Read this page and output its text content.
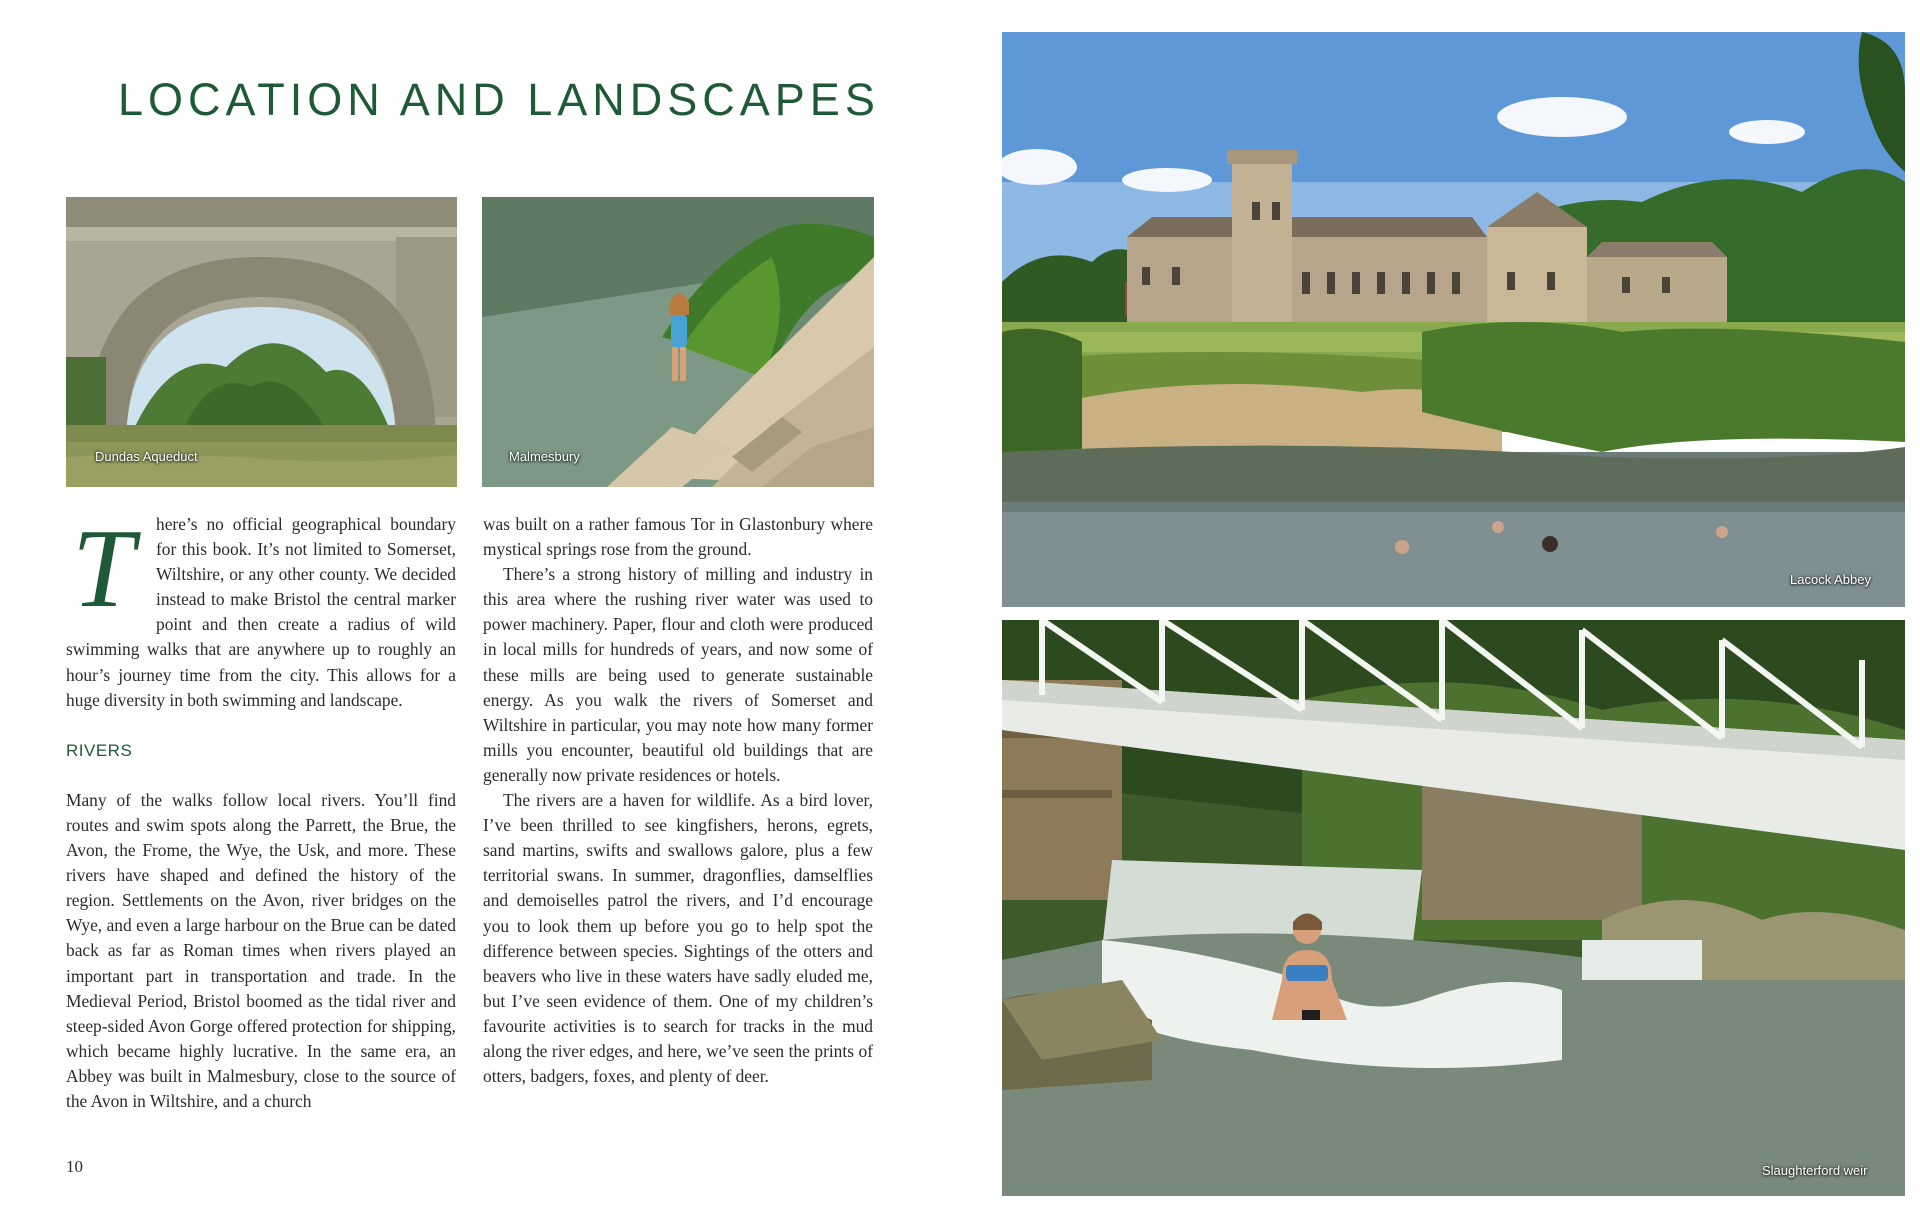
LOCATION AND LANDSCAPES
Dundas Aqueduct	Malmesbury
T	here’s no official geographical boundary for this book. It’s not limited to Somerset, Wiltshire, or any other county. We decided instead to make Bristol the central marker point and then create a radius of wild swimming walks that are anywhere up to roughly an hour’s journey time from the city. This allows for a huge diversity in both swimming and landscape.

RIVERS

Many of the walks follow local rivers. You’ll find routes and swim spots along the Parrett, the Brue, the Avon, the Frome, the Wye, the Usk, and more. These rivers have shaped and defined the history of the region. Settlements on the Avon, river bridges on the Wye, and even a large harbour on the Brue can be dated back as far as Roman times when rivers played an important part in transportation and trade. In the Medieval Period, Bristol boomed as the tidal river and steep-sided Avon Gorge offered protection for shipping, which became highly lucrative. In the same era, an Abbey was built in Malmesbury, close to the source of the Avon in Wiltshire, and a church

was built on a rather famous Tor in Glastonbury where mystical springs rose from the ground.

There’s a strong history of milling and industry in this area where the rushing river water was used to power machinery. Paper, flour and cloth were produced in local mills for hundreds of years, and now some of these mills are being used to generate sustainable energy. As you walk the rivers of Somerset and Wiltshire in particular, you may note how many former mills you encounter, beautiful old buildings that are generally now private residences or hotels.

The rivers are a haven for wildlife. As a bird lover, I’ve been thrilled to see kingfishers, herons, egrets, sand martins, swifts and swallows galore, plus a few territorial swans. In summer, dragonflies, damselflies and demoiselles patrol the rivers, and I’d encourage you to look them up before you go to help spot the difference between species. Sightings of the otters and beavers who live in these waters have sadly eluded me, but I’ve seen evidence of them. One of my children’s favourite activities is to search for tracks in the mud along the river edges, and here, we’ve seen the prints of otters, badgers, foxes, and plenty of deer.

10
Lacock Abbey
Slaughterford weir
